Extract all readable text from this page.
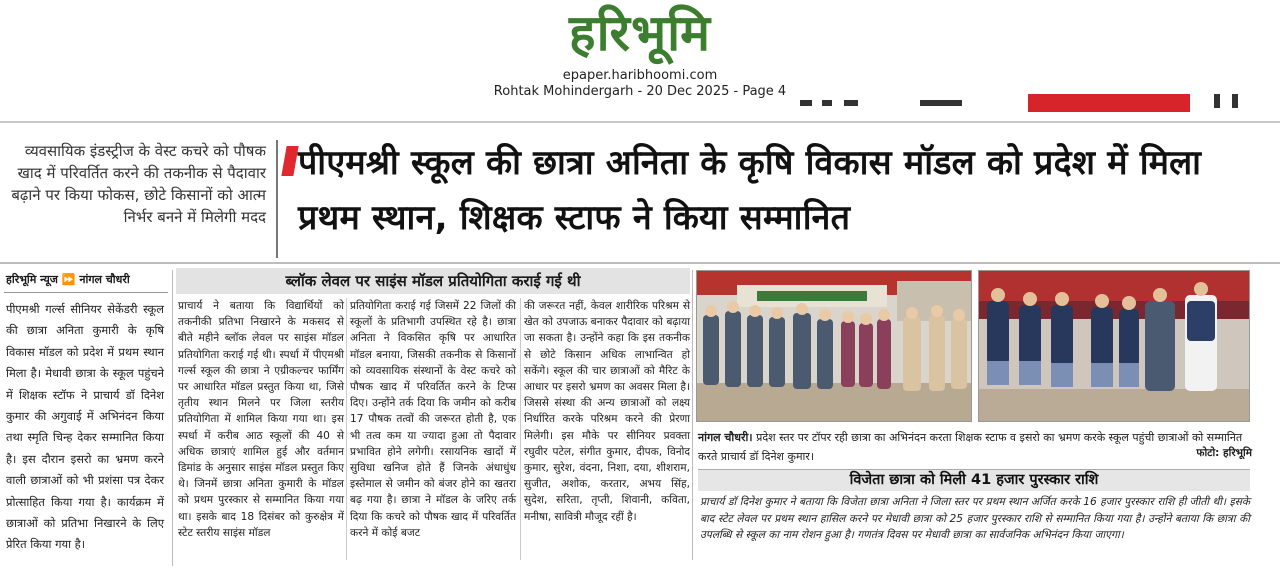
हरिभूमि
epaper.haribhoomi.com
Rohtak Mohindergarh - 20 Dec 2025 - Page 4
व्यवसायिक इंडस्ट्रीज के वेस्ट कचरे को पौषक खाद में परिवर्तित करने की तकनीक से पैदावार बढ़ाने पर किया फोकस, छोटे किसानों को आत्म निर्भर बनने में मिलेगी मदद
पीएमश्री स्कूल की छात्रा अनिता के कृषि विकास मॉडल को प्रदेश में मिला प्रथम स्थान, शिक्षक स्टाफ ने किया सम्मानित
हरिभूमि न्यूज ⏩ नांगल चौधरी

पीएमश्री गर्ल्स सीनियर सेकेंडरी स्कूल की छात्रा अनिता कुमारी के कृषि विकास मॉडल को प्रदेश में प्रथम स्थान मिला है। मेधावी छात्रा के स्कूल पहुंचने में शिक्षक स्टॉफ ने प्राचार्य डॉ दिनेश कुमार की अगुवाई में अभिनंदन किया तथा स्मृति चिन्ह देकर सम्मानित किया है। इस दौरान इसरो का भ्रमण करने वाली छात्राओं को भी प्रशंसा पत्र देकर प्रोत्साहित किया गया है। कार्यक्रम में छात्राओं को प्रतिभा निखारने के लिए प्रेरित किया गया है।

ब्लॉक लेवल पर साइंस मॉडल प्रतियोगिता कराई गई थी

प्राचार्य ने बताया कि विद्यार्थियों को तकनीकी प्रतिभा निखारने के मकसद से बीते महीने ब्लॉक लेवल पर साइंस मॉडल प्रतियोगिता कराई गई थी। स्पर्धा में पीएमश्री गर्ल्स स्कूल की छात्रा ने एग्रीकल्चर फार्मिंग पर आधारित मॉडल प्रस्तुत किया था, जिसे तृतीय स्थान मिलने पर जिला स्तरीय प्रतियोगिता में शामिल किया गया था। इस स्पर्धा में करीब आठ स्कूलों की 40 से अधिक छात्राएं शामिल हुई और वर्तमान डिमांड के अनुसार साइंस मॉडल प्रस्तुत किए थे। जिनमें छात्रा अनिता कुमारी के मॉडल को प्रथम पुरस्कार से सम्मानित किया गया था। इसके बाद 18 दिसंबर को कुरुक्षेत्र में स्टेट स्तरीय साइंस मॉडल

प्रतियोगिता कराई गई जिसमें 22 जिलों की स्कूलों के प्रतिभागी उपस्थित रहे है। छात्रा अनिता ने विकसित कृषि पर आधारित मॉडल बनाया, जिसकी तकनीक से किसानों को व्यवसायिक संस्थानों के वेस्ट कचरे को पौषक खाद में परिवर्तित करने के टिप्स दिए। उन्होंने तर्क दिया कि जमीन को करीब 17 पौषक तत्वों की जरूरत होती है, एक भी तत्व कम या ज्यादा हुआ तो पैदावार प्रभावित होने लगेगी। रसायनिक खादों में सुविधा खनिज होते हैं जिनके अंधाधुंध इस्तेमाल से जमीन को बंजर होने का खतरा बढ़ गया है। छात्रा ने मॉडल के जरिए तर्क दिया कि कचरे को पौषक खाद में परिवर्तित करने में कोई बजट

की जरूरत नहीं, केवल शारीरिक परिश्रम से खेत को उपजाऊ बनाकर पैदावार को बढ़ाया जा सकता है। उन्होंने कहा कि इस तकनीक से छोटे किसान अधिक लाभान्वित हो सकेंगे। स्कूल की चार छात्राओं को मैरिट के आधार पर इसरो भ्रमण का अवसर मिला है। जिससे संस्था की अन्य छात्राओं को लक्ष्य निर्धारित करके परिश्रम करने की प्रेरणा मिलेगी। इस मौके पर सीनियर प्रवक्ता रघुवीर पटेल, संगीत कुमार, दीपक, विनोद कुमार, सुरेश, वंदना, निशा, दया, शीशराम, सुजीत, अशोक, करतार, अभय सिंह, सुदेश, सरिता, तृप्ती, शिवानी, कविता, मनीषा, सावित्री मौजूद रहीं है।

नांगल चौधरी। प्रदेश स्तर पर टॉपर रही छात्रा का अभिनंदन करता शिक्षक स्टाफ व इसरो का भ्रमण करके स्कूल पहुंची छात्राओं को सम्मानित करते प्राचार्य डॉ दिनेश कुमार।	फोटो: हरिभूमि
विजेता छात्रा को मिली 41 हजार पुरस्कार राशि

प्राचार्य डॉ दिनेश कुमार ने बताया कि विजेता छात्रा अनिता ने जिला स्तर पर प्रथम स्थान अर्जित करके 16 हजार पुरस्कार राशि ही जीती थी। इसके बाद स्टेट लेवल पर प्रथम स्थान हासिल करने पर मेधावी छात्रा को 25 हजार पुरस्कार राशि से सम्मानित किया गया है। उन्होंने बताया कि छात्रा की उपलब्धि से स्कूल का नाम रोशन हुआ है। गणतंत्र दिवस पर मेधावी छात्रा का सार्वजनिक अभिनंदन किया जाएगा।
